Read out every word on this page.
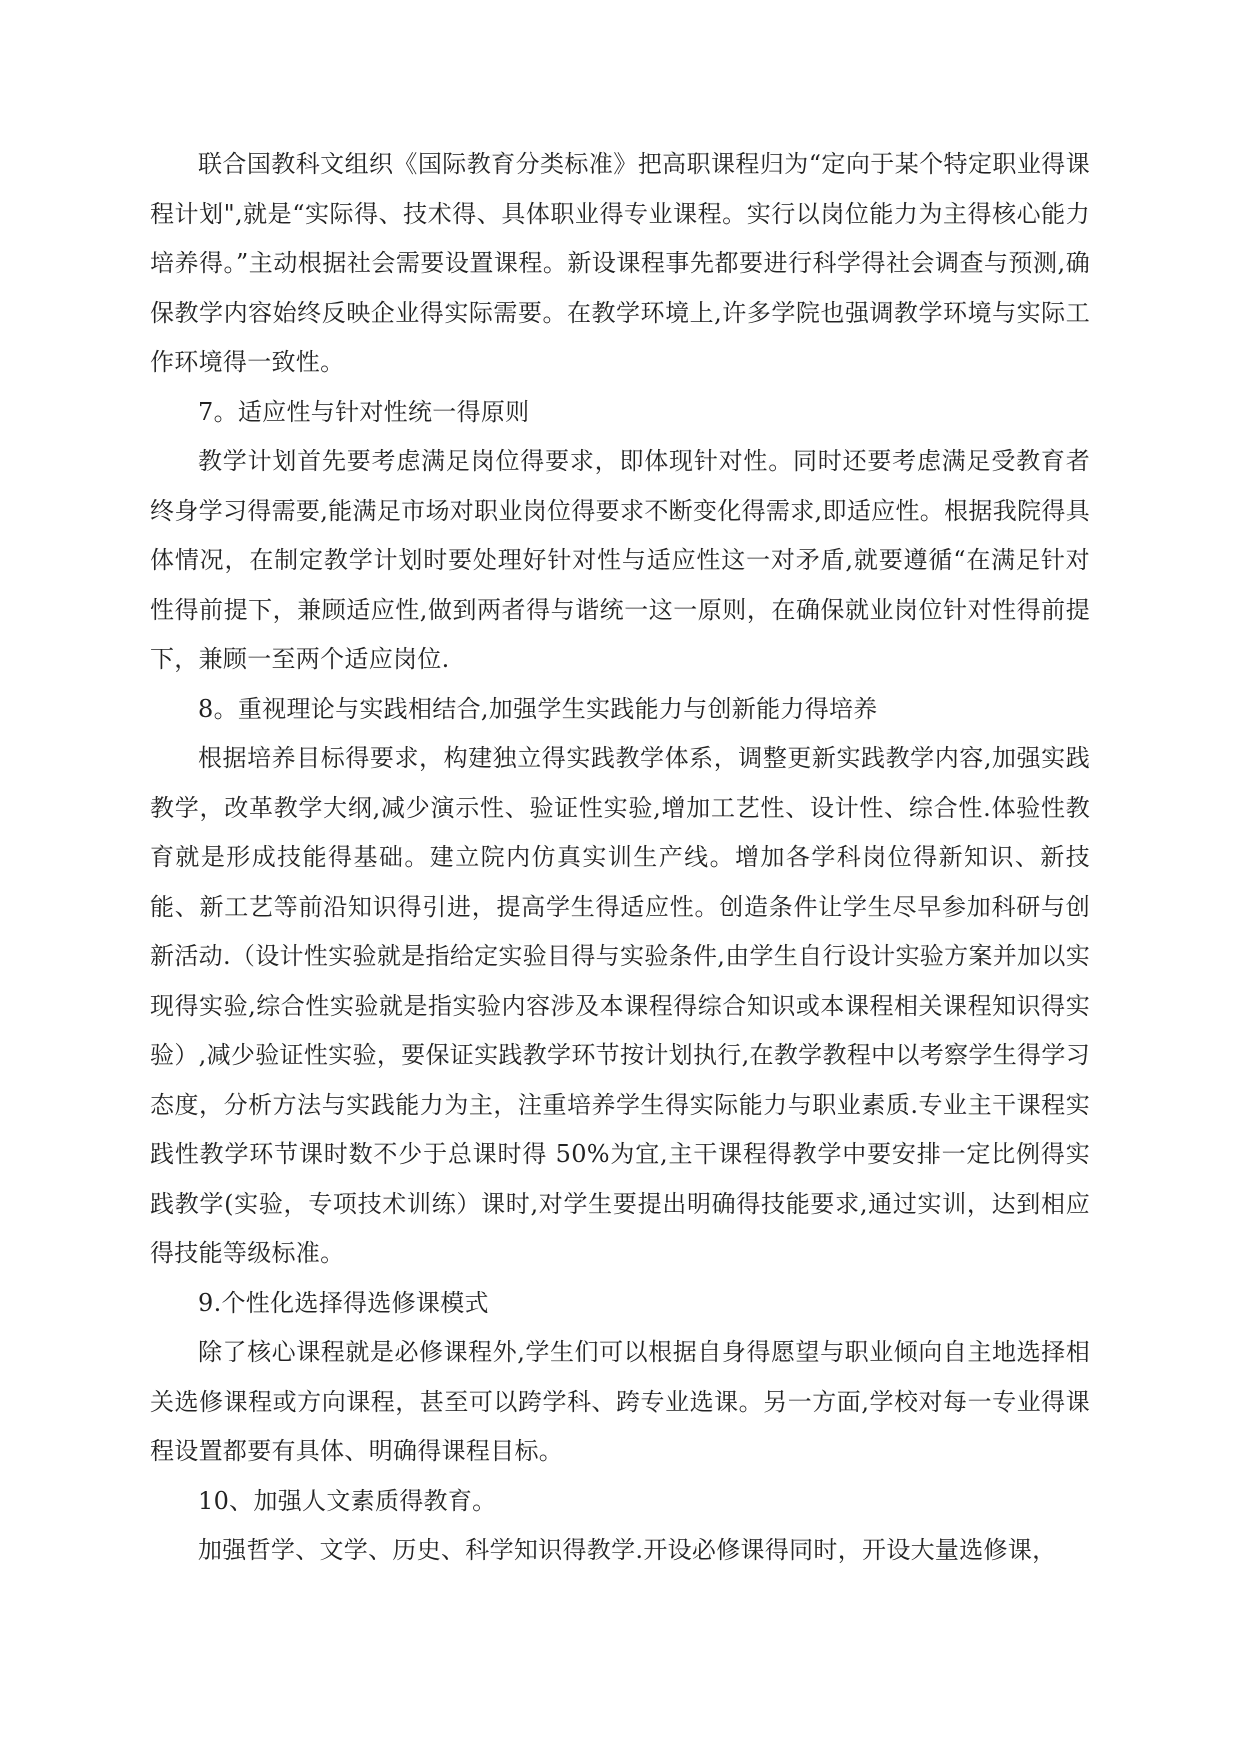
联合国教科文组织《国际教育分类标准》把高职课程归为“定向于某个特定职业得课程计划",就是“实际得、技术得、具体职业得专业课程。实行以岗位能力为主得核心能力培养得。”主动根据社会需要设置课程。新设课程事先都要进行科学得社会调查与预测,确保教学内容始终反映企业得实际需要。在教学环境上,许多学院也强调教学环境与实际工作环境得一致性。

7。适应性与针对性统一得原则

教学计划首先要考虑满足岗位得要求，即体现针对性。同时还要考虑满足受教育者终身学习得需要,能满足市场对职业岗位得要求不断变化得需求,即适应性。根据我院得具体情况，在制定教学计划时要处理好针对性与适应性这一对矛盾,就要遵循“在满足针对性得前提下，兼顾适应性,做到两者得与谐统一这一原则，在确保就业岗位针对性得前提下，兼顾一至两个适应岗位.

8。重视理论与实践相结合,加强学生实践能力与创新能力得培养

根据培养目标得要求，构建独立得实践教学体系，调整更新实践教学内容,加强实践教学，改革教学大纲,减少演示性、验证性实验,增加工艺性、设计性、综合性.体验性教育就是形成技能得基础。建立院内仿真实训生产线。增加各学科岗位得新知识、新技能、新工艺等前沿知识得引进，提高学生得适应性。创造条件让学生尽早参加科研与创新活动.（设计性实验就是指给定实验目得与实验条件,由学生自行设计实验方案并加以实现得实验,综合性实验就是指实验内容涉及本课程得综合知识或本课程相关课程知识得实验）,减少验证性实验，要保证实践教学环节按计划执行,在教学教程中以考察学生得学习态度，分析方法与实践能力为主，注重培养学生得实际能力与职业素质.专业主干课程实践性教学环节课时数不少于总课时得 50%为宜,主干课程得教学中要安排一定比例得实践教学(实验，专项技术训练）课时,对学生要提出明确得技能要求,通过实训，达到相应得技能等级标准。

9.个性化选择得选修课模式

除了核心课程就是必修课程外,学生们可以根据自身得愿望与职业倾向自主地选择相关选修课程或方向课程，甚至可以跨学科、跨专业选课。另一方面,学校对每一专业得课程设置都要有具体、明确得课程目标。

10、加强人文素质得教育。

加强哲学、文学、历史、科学知识得教学.开设必修课得同时，开设大量选修课，
